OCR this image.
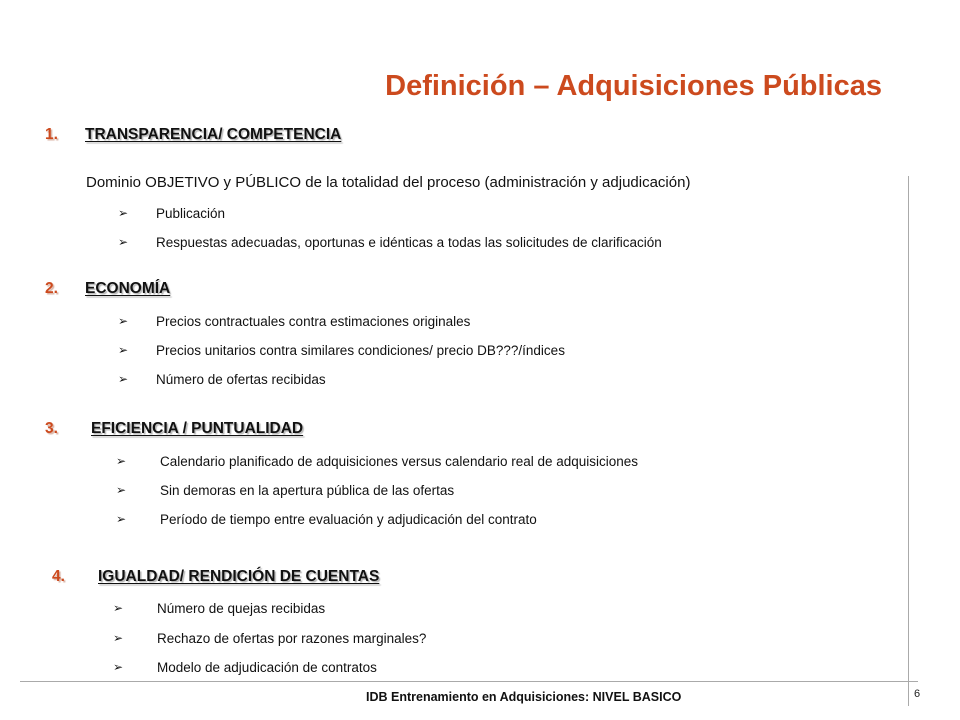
Definición – Adquisiciones Públicas
1. TRANSPARENCIA/ COMPETENCIA
Dominio OBJETIVO y PÚBLICO de la totalidad del proceso (administración y adjudicación)
➢ Publicación
➢ Respuestas adecuadas, oportunas e idénticas a todas las solicitudes de clarificación
2. ECONOMÍA
➢ Precios contractuales contra estimaciones originales
➢ Precios unitarios contra similares condiciones/ precio DB???/índices
➢ Número de ofertas recibidas
3. EFICIENCIA / PUNTUALIDAD
➢	Calendario planificado de adquisiciones versus calendario real de adquisiciones
➢	Sin demoras en la apertura pública de las ofertas
➢	Período de tiempo entre evaluación y adjudicación del contrato
4. IGUALDAD/ RENDICIÓN DE CUENTAS
➢	Número de quejas recibidas
➢	Rechazo de ofertas por razones marginales?
➢	Modelo de adjudicación de contratos
IDB Entrenamiento en Adquisiciones: NIVEL BASICO	6
